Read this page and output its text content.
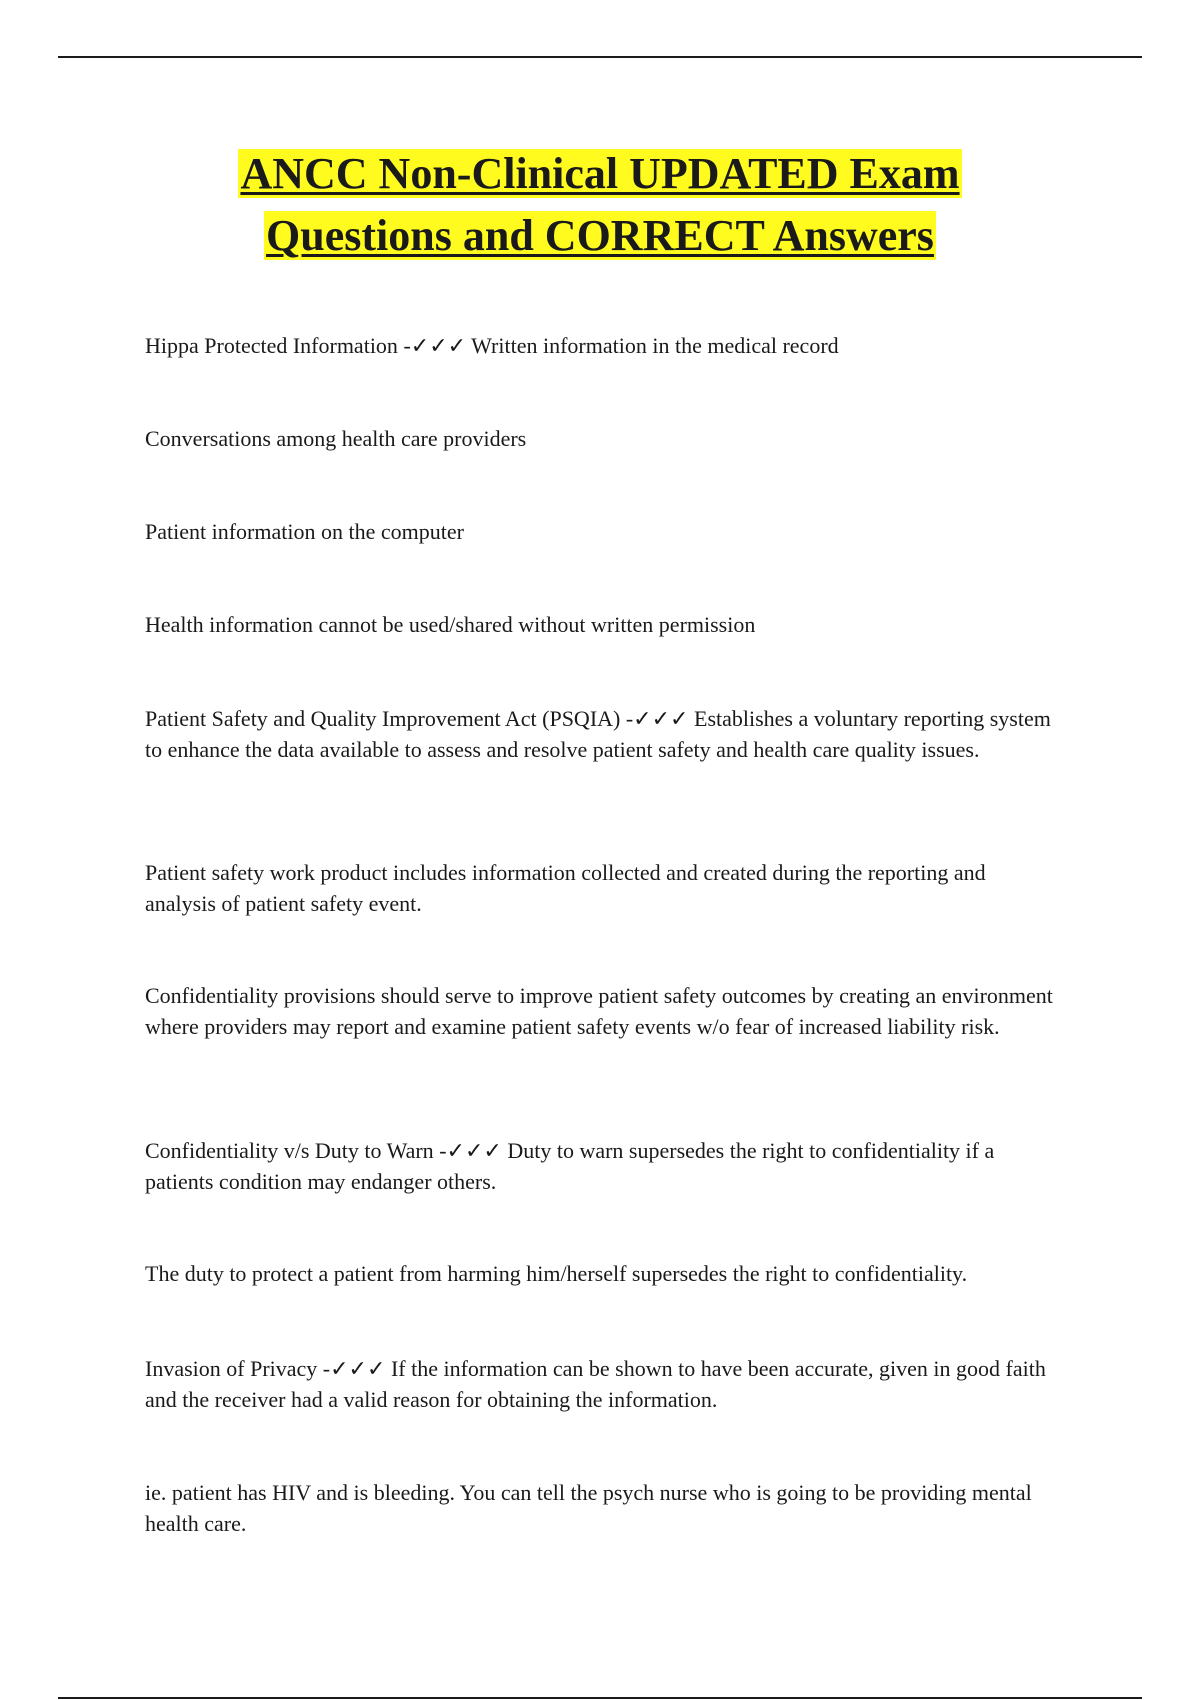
ANCC Non-Clinical UPDATED Exam
Questions and CORRECT Answers

Hippa Protected Information -✓✓✓ Written information in the medical record

Conversations among health care providers

Patient information on the computer

Health information cannot be used/shared without written permission

Patient Safety and Quality Improvement Act (PSQIA) -✓✓✓ Establishes a voluntary reporting system to enhance the data available to assess and resolve patient safety and health care quality issues.

Patient safety work product includes information collected and created during the reporting and analysis of patient safety event.

Confidentiality provisions should serve to improve patient safety outcomes by creating an environment where providers may report and examine patient safety events w/o fear of increased liability risk.

Confidentiality v/s Duty to Warn -✓✓✓ Duty to warn supersedes the right to confidentiality if a patients condition may endanger others.

The duty to protect a patient from harming him/herself supersedes the right to confidentiality.

Invasion of Privacy -✓✓✓ If the information can be shown to have been accurate, given in good faith and the receiver had a valid reason for obtaining the information.

ie. patient has HIV and is bleeding. You can tell the psych nurse who is going to be providing mental health care.
